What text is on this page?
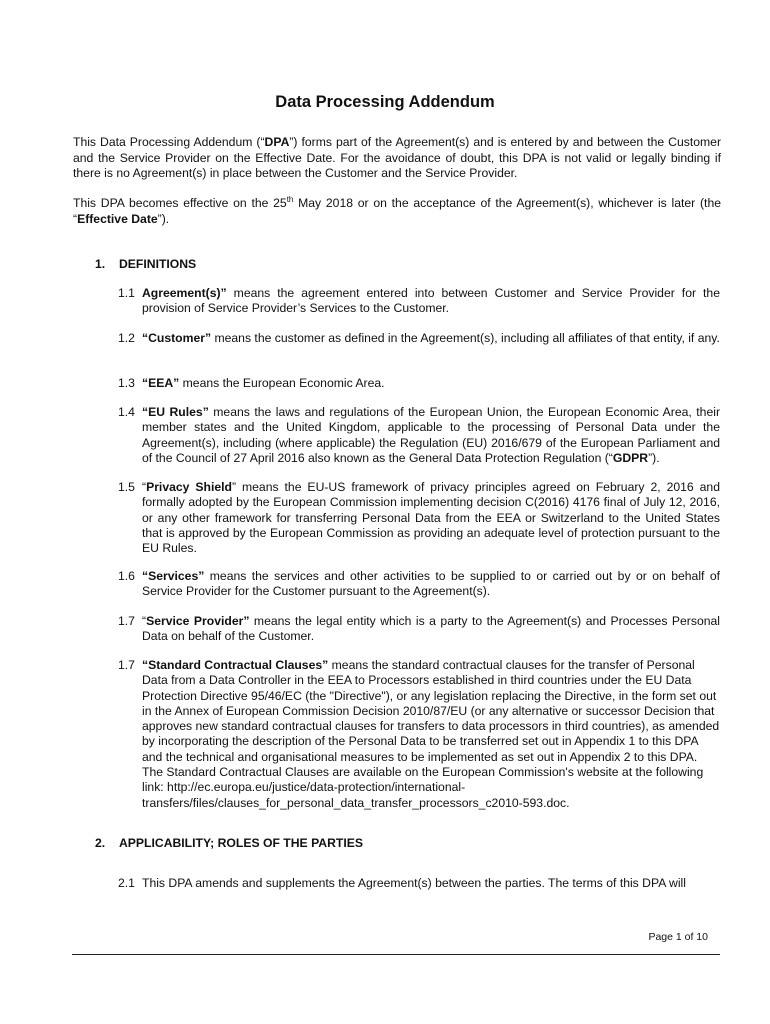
Data Processing Addendum
This Data Processing Addendum (“DPA”) forms part of the Agreement(s) and is entered by and between the Customer and the Service Provider on the Effective Date. For the avoidance of doubt, this DPA is not valid or legally binding if there is no Agreement(s) in place between the Customer and the Service Provider.
This DPA becomes effective on the 25th May 2018 or on the acceptance of the Agreement(s), whichever is later (the “Effective Date”).
1. DEFINITIONS
1.1 Agreement(s)” means the agreement entered into between Customer and Service Provider for the provision of Service Provider’s Services to the Customer.
1.2 “Customer” means the customer as defined in the Agreement(s), including all affiliates of that entity, if any.
1.3 “EEA” means the European Economic Area.
1.4 “EU Rules” means the laws and regulations of the European Union, the European Economic Area, their member states and the United Kingdom, applicable to the processing of Personal Data under the Agreement(s), including (where applicable) the Regulation (EU) 2016/679 of the European Parliament and of the Council of 27 April 2016 also known as the General Data Protection Regulation (“GDPR”).
1.5 “Privacy Shield” means the EU-US framework of privacy principles agreed on February 2, 2016 and formally adopted by the European Commission implementing decision C(2016) 4176 final of July 12, 2016, or any other framework for transferring Personal Data from the EEA or Switzerland to the United States that is approved by the European Commission as providing an adequate level of protection pursuant to the EU Rules.
1.6 “Services” means the services and other activities to be supplied to or carried out by or on behalf of Service Provider for the Customer pursuant to the Agreement(s).
1.7 “Service Provider” means the legal entity which is a party to the Agreement(s) and Processes Personal Data on behalf of the Customer.
1.7 “Standard Contractual Clauses” means the standard contractual clauses for the transfer of Personal Data from a Data Controller in the EEA to Processors established in third countries under the EU Data Protection Directive 95/46/EC (the "Directive"), or any legislation replacing the Directive, in the form set out in the Annex of European Commission Decision 2010/87/EU (or any alternative or successor Decision that approves new standard contractual clauses for transfers to data processors in third countries), as amended by incorporating the description of the Personal Data to be transferred set out in Appendix 1 to this DPA and the technical and organisational measures to be implemented as set out in Appendix 2 to this DPA. The Standard Contractual Clauses are available on the European Commission's website at the following link: http://ec.europa.eu/justice/data-protection/international-transfers/files/clauses_for_personal_data_transfer_processors_c2010-593.doc.
2. APPLICABILITY; ROLES OF THE PARTIES
2.1 This DPA amends and supplements the Agreement(s) between the parties. The terms of this DPA will
Page 1 of 10
